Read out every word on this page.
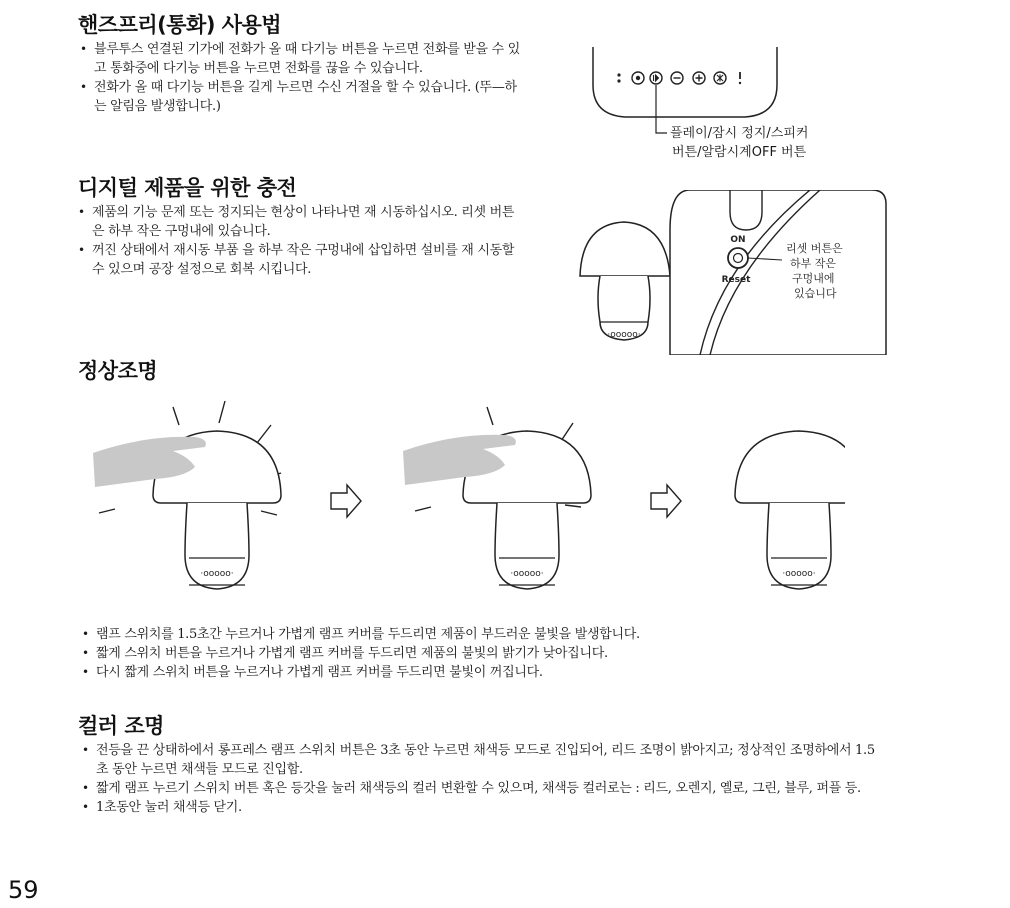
핸즈프리(통화) 사용법
• 블루투스 연결된 기가에 전화가 올 때 다기능 버튼을 누르면 전화를 받을 수 있고 통화중에 다기능 버튼을 누르면 전화를 끊을 수 있습니다.
• 전화가 올 때 다기능 버튼을 길게 누르면 수신 거절을 할 수 있습니다. (뚜—하는 알림음 발생합니다.)
플레이/잠시 정지/스피커
버튼/알람시계OFF 버튼
디지털 제품을 위한 충전
• 제품의 기능 문제 또는 정지되는 현상이 나타나면 재 시동하십시오. 리셋 버튼은 하부 작은 구멍내에 있습니다.
• 꺼진 상태에서 재시동 부품 을 하부 작은 구멍내에 삽입하면 설비를 재 시동할 수 있으며 공장 설정으로 회복 시킵니다.
·ooooo·
ON
Reset
리셋 버튼은
하부 작은
구멍내에
있습니다
정상조명
·ooooo·
• 램프 스위치를 1.5초간 누르거나 가볍게 램프 커버를 두드리면 제품이 부드러운 불빛을 발생합니다.
• 짧게 스위치 버튼을 누르거나 가볍게 램프 커버를 두드리면 제품의 불빛의 밝기가 낮아집니다.
• 다시 짧게 스위치 버튼을 누르거나 가볍게 램프 커버를 두드리면 불빛이 꺼집니다.
컬러 조명
• 전등을 끈 상태하에서 롱프레스 램프 스위치 버튼은 3초 동안 누르면 채색등 모드로 진입되어, 리드 조명이 밝아지고; 정상적인 조명하에서 1.5초 동안 누르면 채색들 모드로 진입함.
• 짧게 램프 누르기 스위치 버튼 혹은 등갓을 눌러 채색등의 컬러 변환할 수 있으며, 채색등 컬러로는 : 리드, 오렌지, 옐로, 그린, 블루, 퍼플 등.
• 1초동안 눌러 채색등 닫기.
59
